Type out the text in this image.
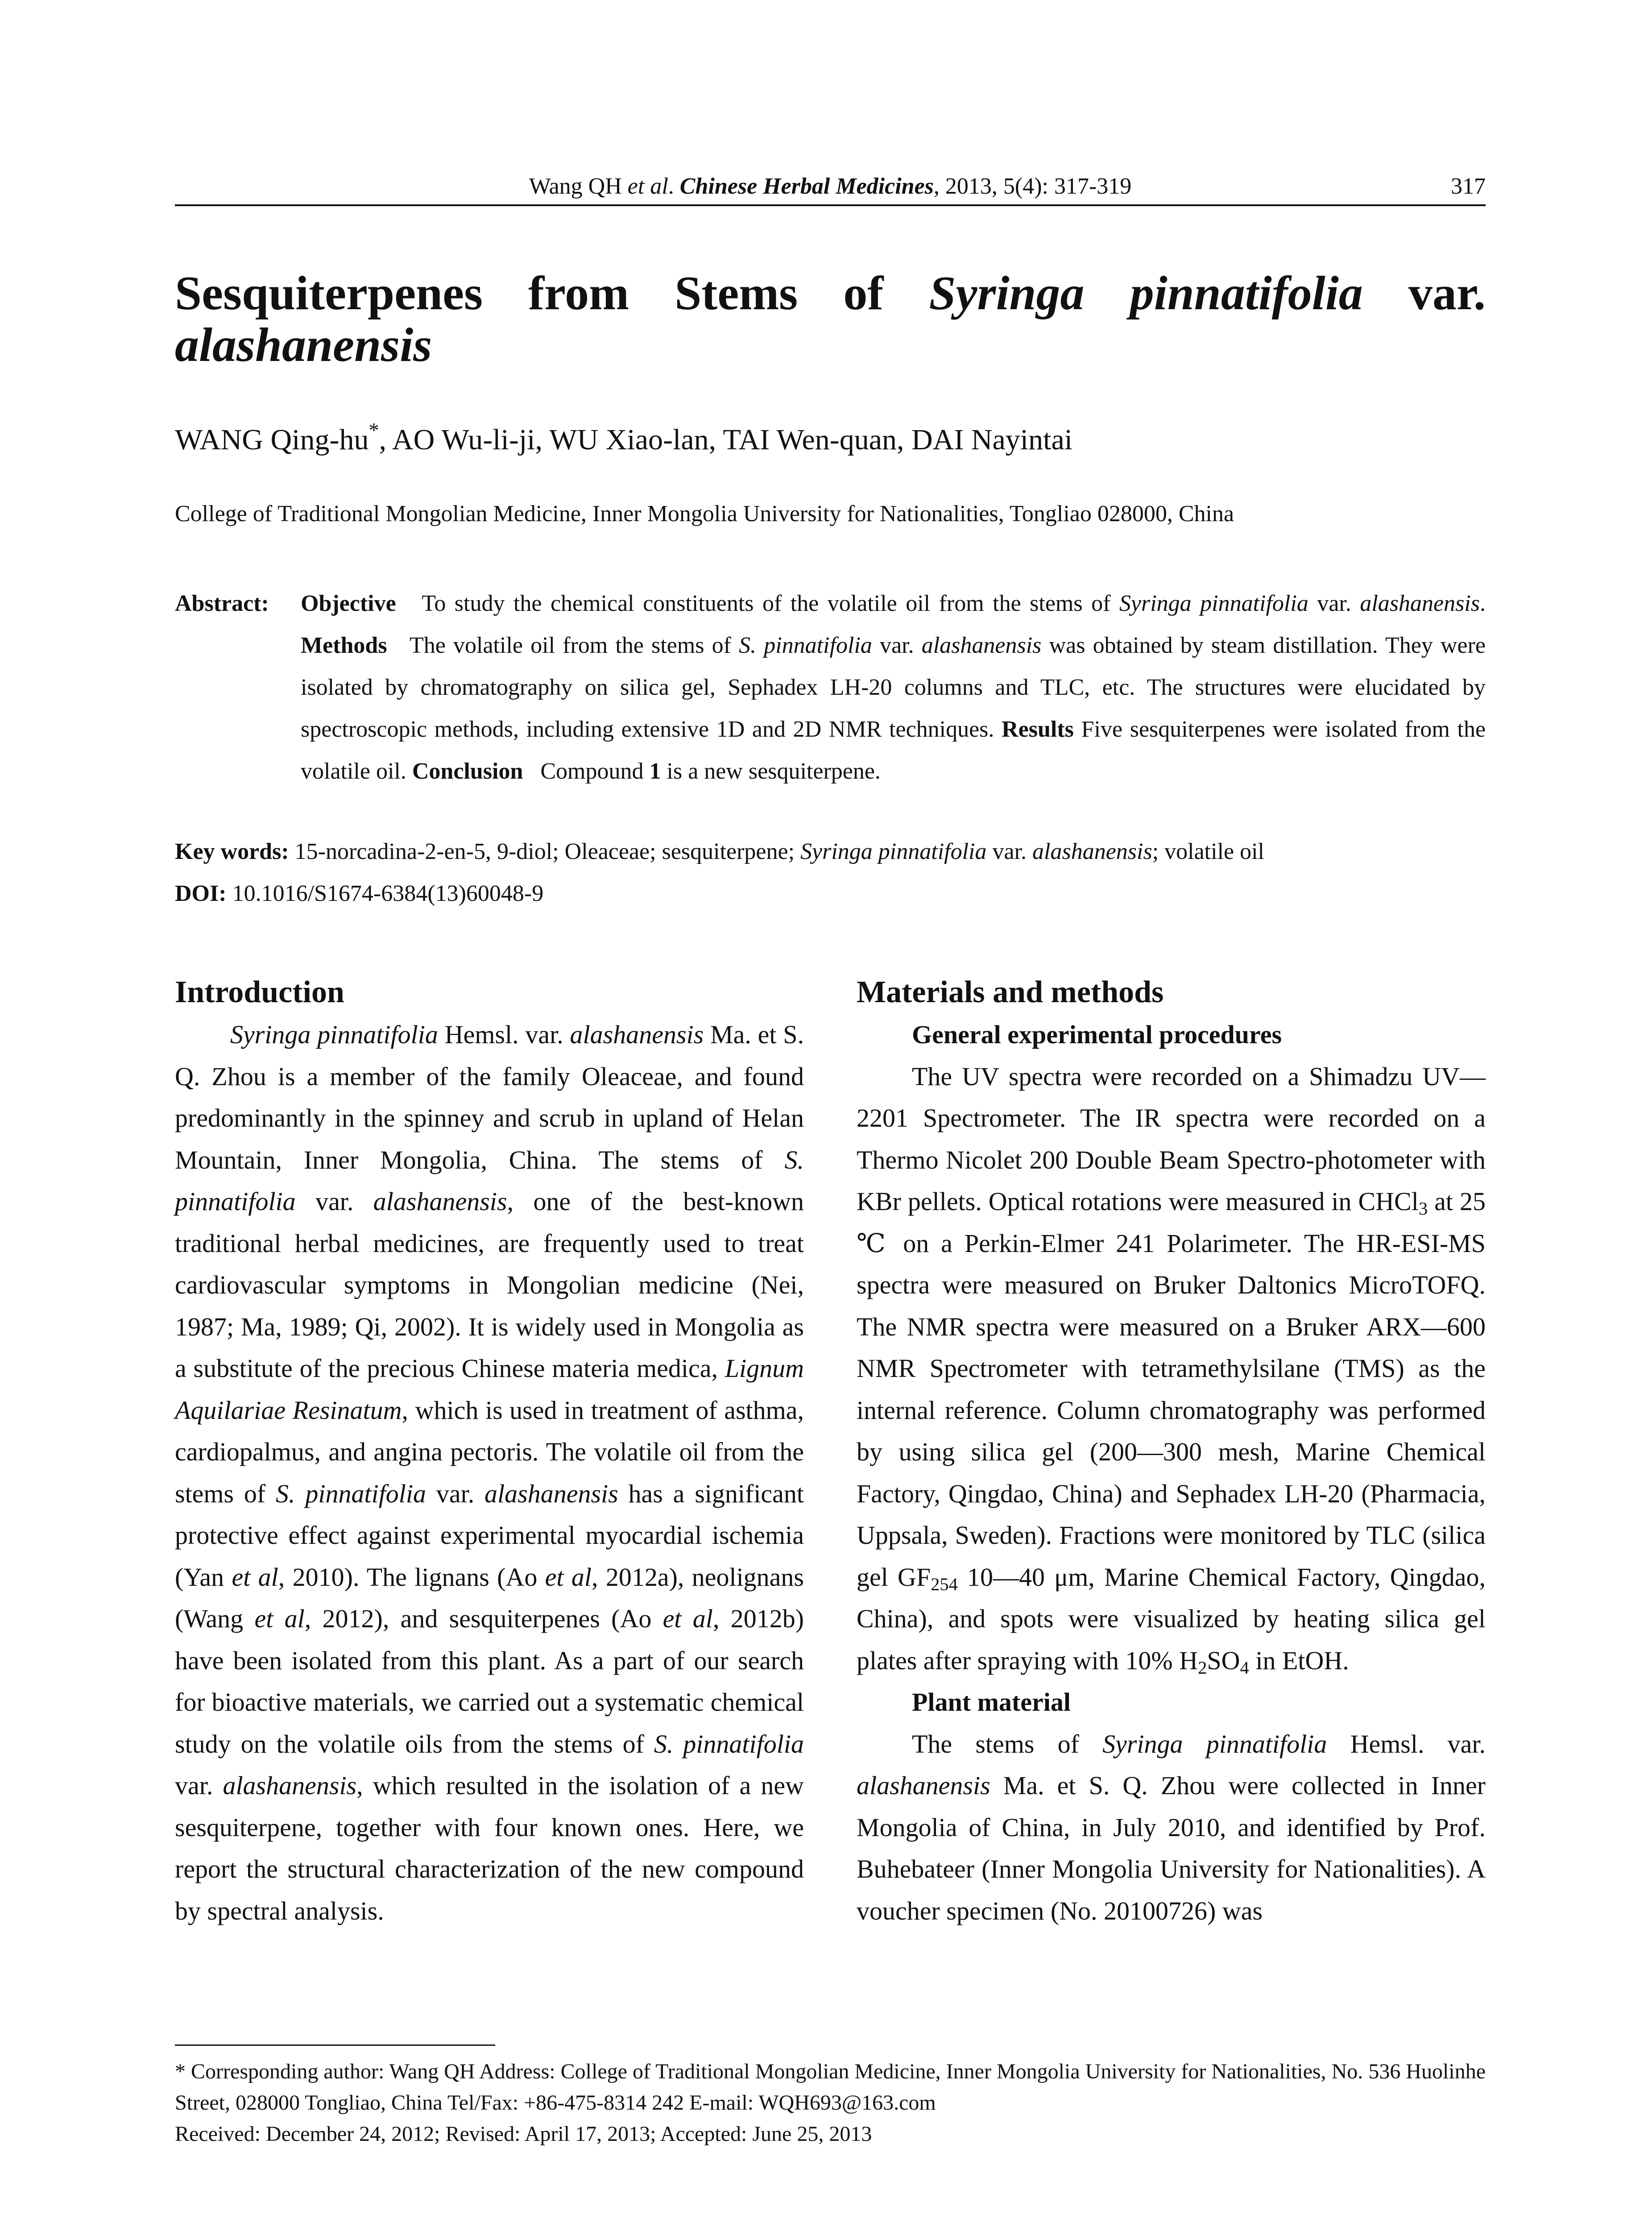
Wang QH et al. Chinese Herbal Medicines, 2013, 5(4): 317-319	317
Sesquiterpenes from Stems of Syringa pinnatifolia var. alashanensis
WANG Qing-hu*, AO Wu-li-ji, WU Xiao-lan, TAI Wen-quan, DAI Nayintai
College of Traditional Mongolian Medicine, Inner Mongolia University for Nationalities, Tongliao 028000, China
Abstract: Objective To study the chemical constituents of the volatile oil from the stems of Syringa pinnatifolia var. alashanensis. Methods The volatile oil from the stems of S. pinnatifolia var. alashanensis was obtained by steam distillation. They were isolated by chromatography on silica gel, Sephadex LH-20 columns and TLC, etc. The structures were elucidated by spectroscopic methods, including extensive 1D and 2D NMR techniques. Results Five sesquiterpenes were isolated from the volatile oil. Conclusion Compound 1 is a new sesquiterpene.
Key words: 15-norcadina-2-en-5, 9-diol; Oleaceae; sesquiterpene; Syringa pinnatifolia var. alashanensis; volatile oil
DOI: 10.1016/S1674-6384(13)60048-9
Introduction

Syringa pinnatifolia Hemsl. var. alashanensis Ma. et S. Q. Zhou is a member of the family Oleaceae, and found predominantly in the spinney and scrub in upland of Helan Mountain, Inner Mongolia, China. The stems of S. pinnatifolia var. alashanensis, one of the best-known traditional herbal medicines, are frequently used to treat cardiovascular symptoms in Mongolian medicine (Nei, 1987; Ma, 1989; Qi, 2002). It is widely used in Mongolia as a substitute of the precious Chinese materia medica, Lignum Aquilariae Resinatum, which is used in treatment of asthma, cardiopalmus, and angina pectoris. The volatile oil from the stems of S. pinnatifolia var. alashanensis has a significant protective effect against experimental myocardial ischemia (Yan et al, 2010). The lignans (Ao et al, 2012a), neolignans (Wang et al, 2012), and sesquiterpenes (Ao et al, 2012b) have been isolated from this plant. As a part of our search for bioactive materials, we carried out a systematic chemical study on the volatile oils from the stems of S. pinnatifolia var. alashanensis, which resulted in the isolation of a new sesquiterpene, together with four known ones. Here, we report the structural characterization of the new compound by spectral analysis.

Materials and methods
General experimental procedures

The UV spectra were recorded on a Shimadzu UV—2201 Spectrometer. The IR spectra were recorded on a Thermo Nicolet 200 Double Beam Spectro-photometer with KBr pellets. Optical rotations were measured in CHCl$_3$ at 25 ℃ on a Perkin-Elmer 241 Polarimeter. The HR-ESI-MS spectra were measured on Bruker Daltonics MicroTOFQ. The NMR spectra were measured on a Bruker ARX—600 NMR Spectrometer with tetramethylsilane (TMS) as the internal reference. Column chromatography was performed by using silica gel (200—300 mesh, Marine Chemical Factory, Qingdao, China) and Sephadex LH-20 (Pharmacia, Uppsala, Sweden). Fractions were monitored by TLC (silica gel $GF_{254}$ 10—40 μm, Marine Chemical Factory, Qingdao, China), and spots were visualized by heating silica gel plates after spraying with 10% $H_2SO_4$ in EtOH.

Plant material

The stems of Syringa pinnatifolia Hemsl. var. alashanensis Ma. et S. Q. Zhou were collected in Inner Mongolia of China, in July 2010, and identified by Prof. Buhebateer (Inner Mongolia University for Nationalities). A voucher specimen (No. 20100726) was

* Corresponding author: Wang QH Address: College of Traditional Mongolian Medicine, Inner Mongolia University for Nationalities, No. 536 Huolinhe Street, 028000 Tongliao, China Tel/Fax: +86-475-8314 242 E-mail: WQH693@163.com
Received: December 24, 2012; Revised: April 17, 2013; Accepted: June 25, 2013
